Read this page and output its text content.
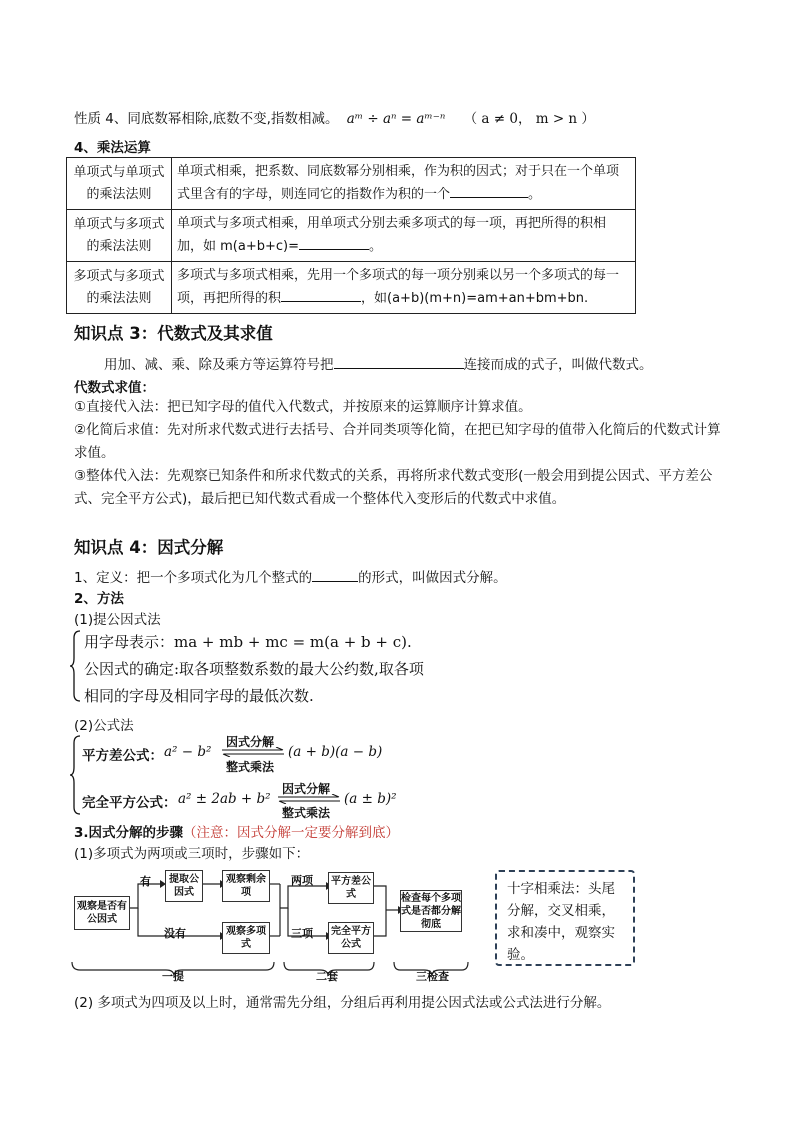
性质 4、同底数幂相除,底数不变,指数相减。 aᵐ ÷ aⁿ = aᵐ⁻ⁿ （ a ≠ 0， m > n ）
4、乘法运算
单项式与单项式的乘法法则	单项式相乘，把系数、同底数幂分别相乘，作为积的因式；对于只在一个单项式里含有的字母，则连同它的指数作为积的一个 。
单项式与多项式的乘法法则	单项式与多项式相乘，用单项式分别去乘多项式的每一项，再把所得的积相加，如 m(a+b+c)= 。
多项式与多项式的乘法法则	多项式与多项式相乘，先用一个多项式的每一项分别乘以另一个多项式的每一项，再把所得的积 ，如(a+b)(m+n)=am+an+bm+bn.
知识点 3：代数式及其求值
用加、减、乘、除及乘方等运算符号把	连接而成的式子，叫做代数式。
代数式求值：
①直接代入法：把已知字母的值代入代数式，并按原来的运算顺序计算求值。
②化简后求值：先对所求代数式进行去括号、合并同类项等化简，在把已知字母的值带入化简后的代数式计算求值。
③整体代入法：先观察已知条件和所求代数式的关系，再将所求代数式变形(一般会用到提公因式、平方差公式、完全平方公式)，最后把已知代数式看成一个整体代入变形后的代数式中求值。
知识点 4：因式分解
1、定义：把一个多项式化为几个整式的	的形式，叫做因式分解。
2、方法
(1)提公因式法
用字母表示：ma + mb + mc = m(a + b + c).
公因式的确定:取各项整数系数的最大公约数,取各项
相同的字母及相同字母的最低次数.
(2)公式法
平方差公式： a² − b²
因式分解
整式乘法
(a + b)(a − b)
完全平方公式： a² ± 2ab + b²
因式分解
整式乘法
(a ± b)²
3.因式分解的步骤（注意：因式分解一定要分解到底）
(1)多项式为两项或三项时，步骤如下：
观察是否有公因式
有
没有
提取公因式
观察剩余项
观察多项式
两项
三项
平方差公式
完全平方公式
检查每个多项式是否都分解彻底
一提	二套	三检查
十字相乘法：头尾分解，交叉相乘，求和凑中，观察实验。
(2) 多项式为四项及以上时，通常需先分组，分组后再利用提公因式法或公式法进行分解。
